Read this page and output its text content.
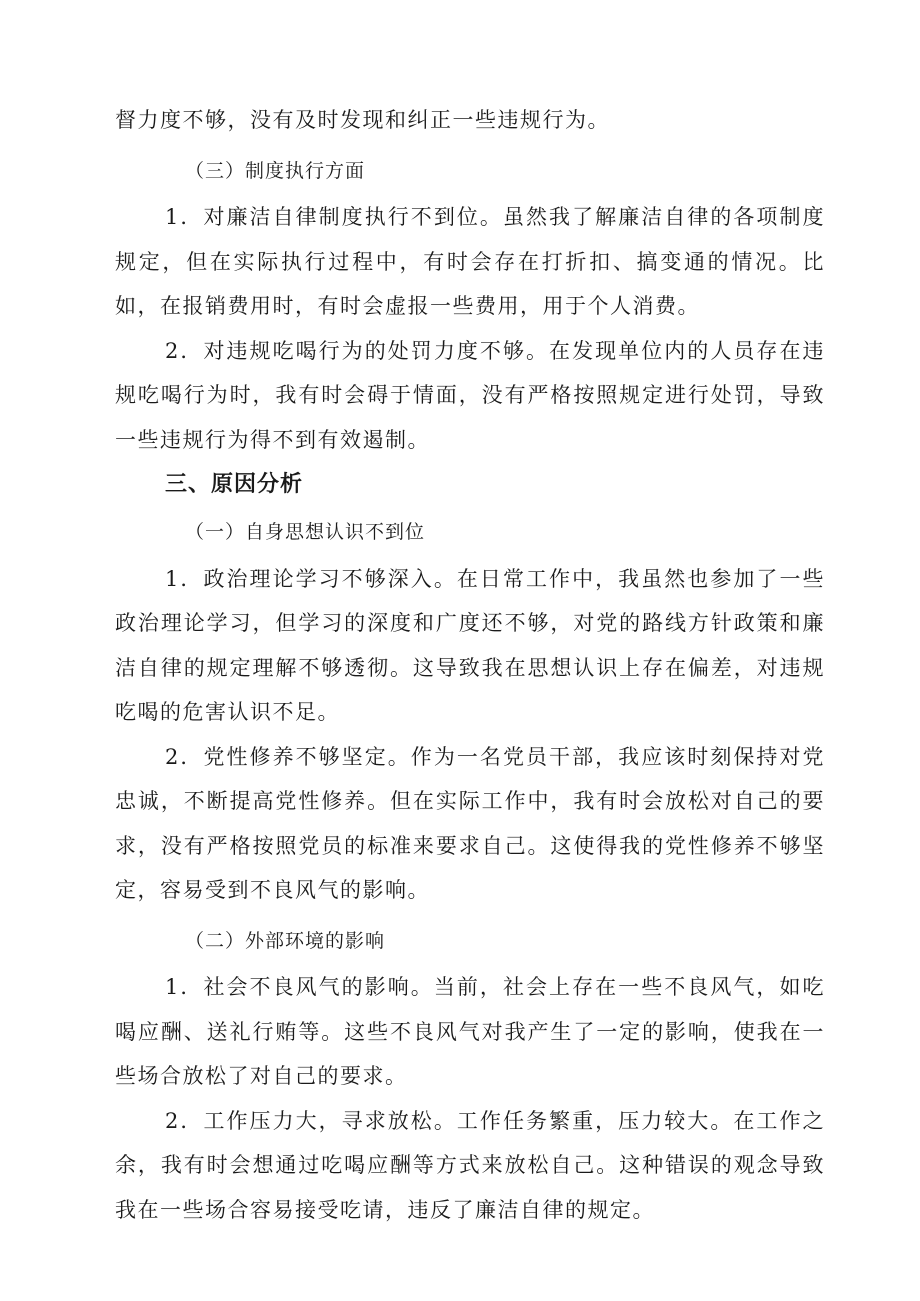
督力度不够，没有及时发现和纠正一些违规行为。

（三）制度执行方面

1．对廉洁自律制度执行不到位。虽然我了解廉洁自律的各项制度规定，但在实际执行过程中，有时会存在打折扣、搞变通的情况。比如，在报销费用时，有时会虚报一些费用，用于个人消费。

2．对违规吃喝行为的处罚力度不够。在发现单位内的人员存在违规吃喝行为时，我有时会碍于情面，没有严格按照规定进行处罚，导致一些违规行为得不到有效遏制。

三、原因分析

（一）自身思想认识不到位

1．政治理论学习不够深入。在日常工作中，我虽然也参加了一些政治理论学习，但学习的深度和广度还不够，对党的路线方针政策和廉洁自律的规定理解不够透彻。这导致我在思想认识上存在偏差，对违规吃喝的危害认识不足。

2．党性修养不够坚定。作为一名党员干部，我应该时刻保持对党忠诚，不断提高党性修养。但在实际工作中，我有时会放松对自己的要求，没有严格按照党员的标准来要求自己。这使得我的党性修养不够坚定，容易受到不良风气的影响。

（二）外部环境的影响

1．社会不良风气的影响。当前，社会上存在一些不良风气，如吃喝应酬、送礼行贿等。这些不良风气对我产生了一定的影响，使我在一些场合放松了对自己的要求。

2．工作压力大，寻求放松。工作任务繁重，压力较大。在工作之余，我有时会想通过吃喝应酬等方式来放松自己。这种错误的观念导致我在一些场合容易接受吃请，违反了廉洁自律的规定。
